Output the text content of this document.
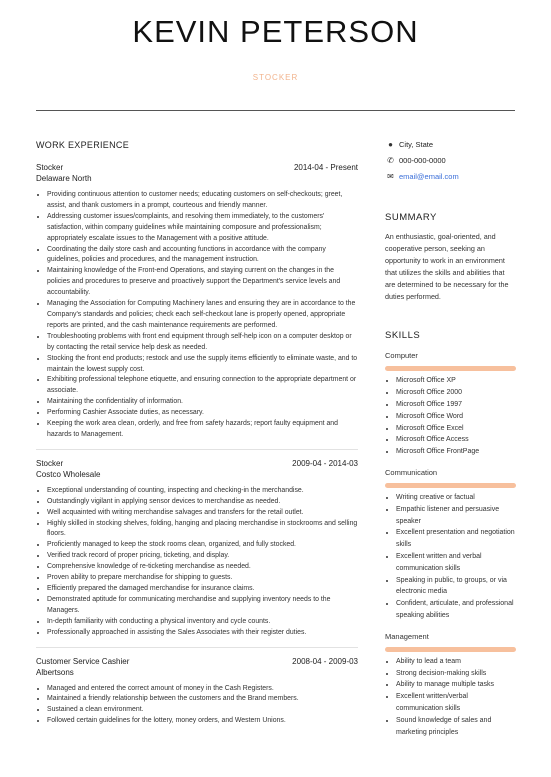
KEVIN PETERSON
STOCKER
WORK EXPERIENCE
Stocker	2014-04 - Present
Delaware North
• Providing continuous attention to customer needs; educating customers on self-checkouts; greet, assist, and thank customers in a prompt, courteous and friendly manner.
• Addressing customer issues/complaints, and resolving them immediately, to the customers' satisfaction, within company guidelines while maintaining composure and professionalism; appropriately escalate issues to the Management with a positive attitude.
• Coordinating the daily store cash and accounting functions in accordance with the company guidelines, policies and procedures, and the management instruction.
• Maintaining knowledge of the Front-end Operations, and staying current on the changes in the policies and procedures to preserve and proactively support the Department's service levels and accountability.
• Managing the Association for Computing Machinery lanes and ensuring they are in accordance to the Company's standards and policies; check each self-checkout lane is properly opened, appropriate reports are printed, and the cash maintenance requirements are performed.
• Troubleshooting problems with front end equipment through self-help icon on a computer desktop or by contacting the retail service help desk as needed.
• Stocking the front end products; restock and use the supply items efficiently to eliminate waste, and to maintain the lowest supply cost.
• Exhibiting professional telephone etiquette, and ensuring connection to the appropriate department or associate.
• Maintaining the confidentiality of information.
• Performing Cashier Associate duties, as necessary.
• Keeping the work area clean, orderly, and free from safety hazards; report faulty equipment and hazards to Management.
Stocker	2009-04 - 2014-03
Costco Wholesale
• Exceptional understanding of counting, inspecting and checking-in the merchandise.
• Outstandingly vigilant in applying sensor devices to merchandise as needed.
• Well acquainted with writing merchandise salvages and transfers for the retail outlet.
• Highly skilled in stocking shelves, folding, hanging and placing merchandise in stockrooms and selling floors.
• Proficiently managed to keep the stock rooms clean, organized, and fully stocked.
• Verified track record of proper pricing, ticketing, and display.
• Comprehensive knowledge of re-ticketing merchandise as needed.
• Proven ability to prepare merchandise for shipping to guests.
• Efficiently prepared the damaged merchandise for insurance claims.
• Demonstrated aptitude for communicating merchandise and supplying inventory needs to the Managers.
• In-depth familiarity with conducting a physical inventory and cycle counts.
• Professionally approached in assisting the Sales Associates with their register duties.
Customer Service Cashier	2008-04 - 2009-03
Albertsons
• Managed and entered the correct amount of money in the Cash Registers.
• Maintained a friendly relationship between the customers and the Brand members.
• Sustained a clean environment.
• Followed certain guidelines for the lottery, money orders, and Western Unions.
● City, State
✆ 000-000-0000
✉ email@email.com
SUMMARY
An enthusiastic, goal-oriented, and cooperative person, seeking an opportunity to work in an environment that utilizes the skills and abilities that are determined to be necessary for the duties performed.
SKILLS
Computer
• Microsoft Office XP
• Microsoft Office 2000
• Microsoft Office 1997
• Microsoft Office Word
• Microsoft Office Excel
• Microsoft Office Access
• Microsoft Office FrontPage
Communication
• Writing creative or factual
• Empathic listener and persuasive speaker
• Excellent presentation and negotiation skills
• Excellent written and verbal communication skills
• Speaking in public, to groups, or via electronic media
• Confident, articulate, and professional speaking abilities
Management
• Ability to lead a team
• Strong decision-making skills
• Ability to manage multiple tasks
• Excellent written/verbal communication skills
• Sound knowledge of sales and marketing principles
